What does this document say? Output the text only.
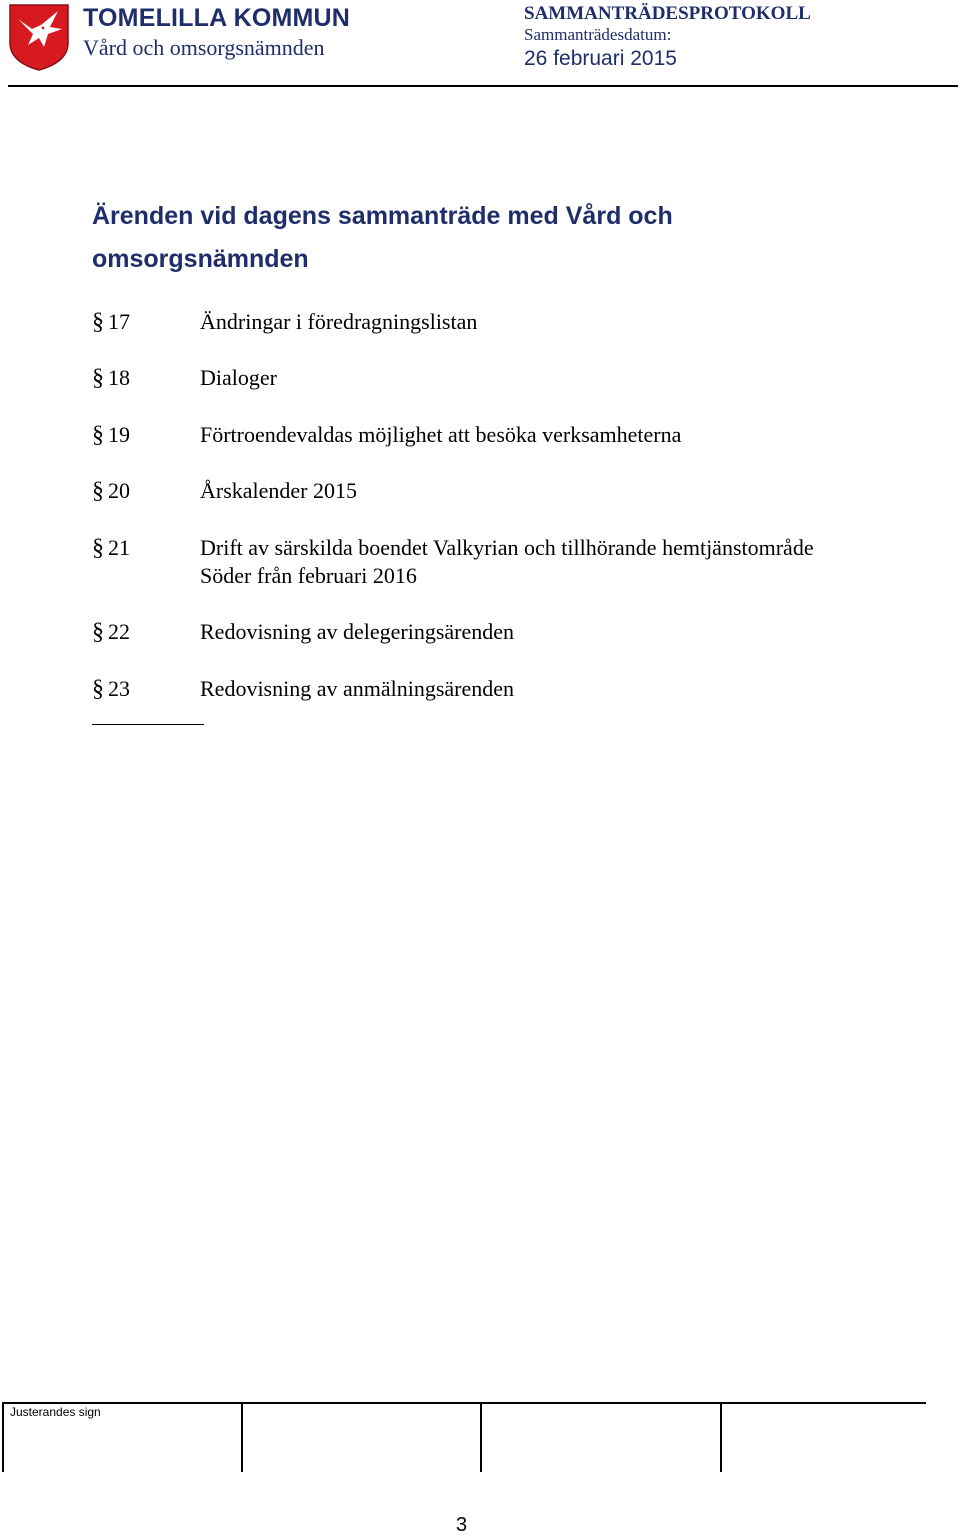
TOMELILLA KOMMUN
Vård och omsorgsnämnden
SAMMANTRÄDESPROTOKOLL
Sammanträdesdatum:
26 februari 2015
Ärenden vid dagens sammanträde med Vård och omsorgsnämnden
§ 17	Ändringar i föredragningslistan
§ 18	Dialoger
§ 19	Förtroendevaldas möjlighet att besöka verksamheterna
§ 20	Årskalender 2015
§ 21	Drift av särskilda boendet Valkyrian och tillhörande hemtjänstområde
Söder från februari 2016
§ 22	Redovisning av delegeringsärenden
§ 23	Redovisning av anmälningsärenden
Justerandes sign
3
